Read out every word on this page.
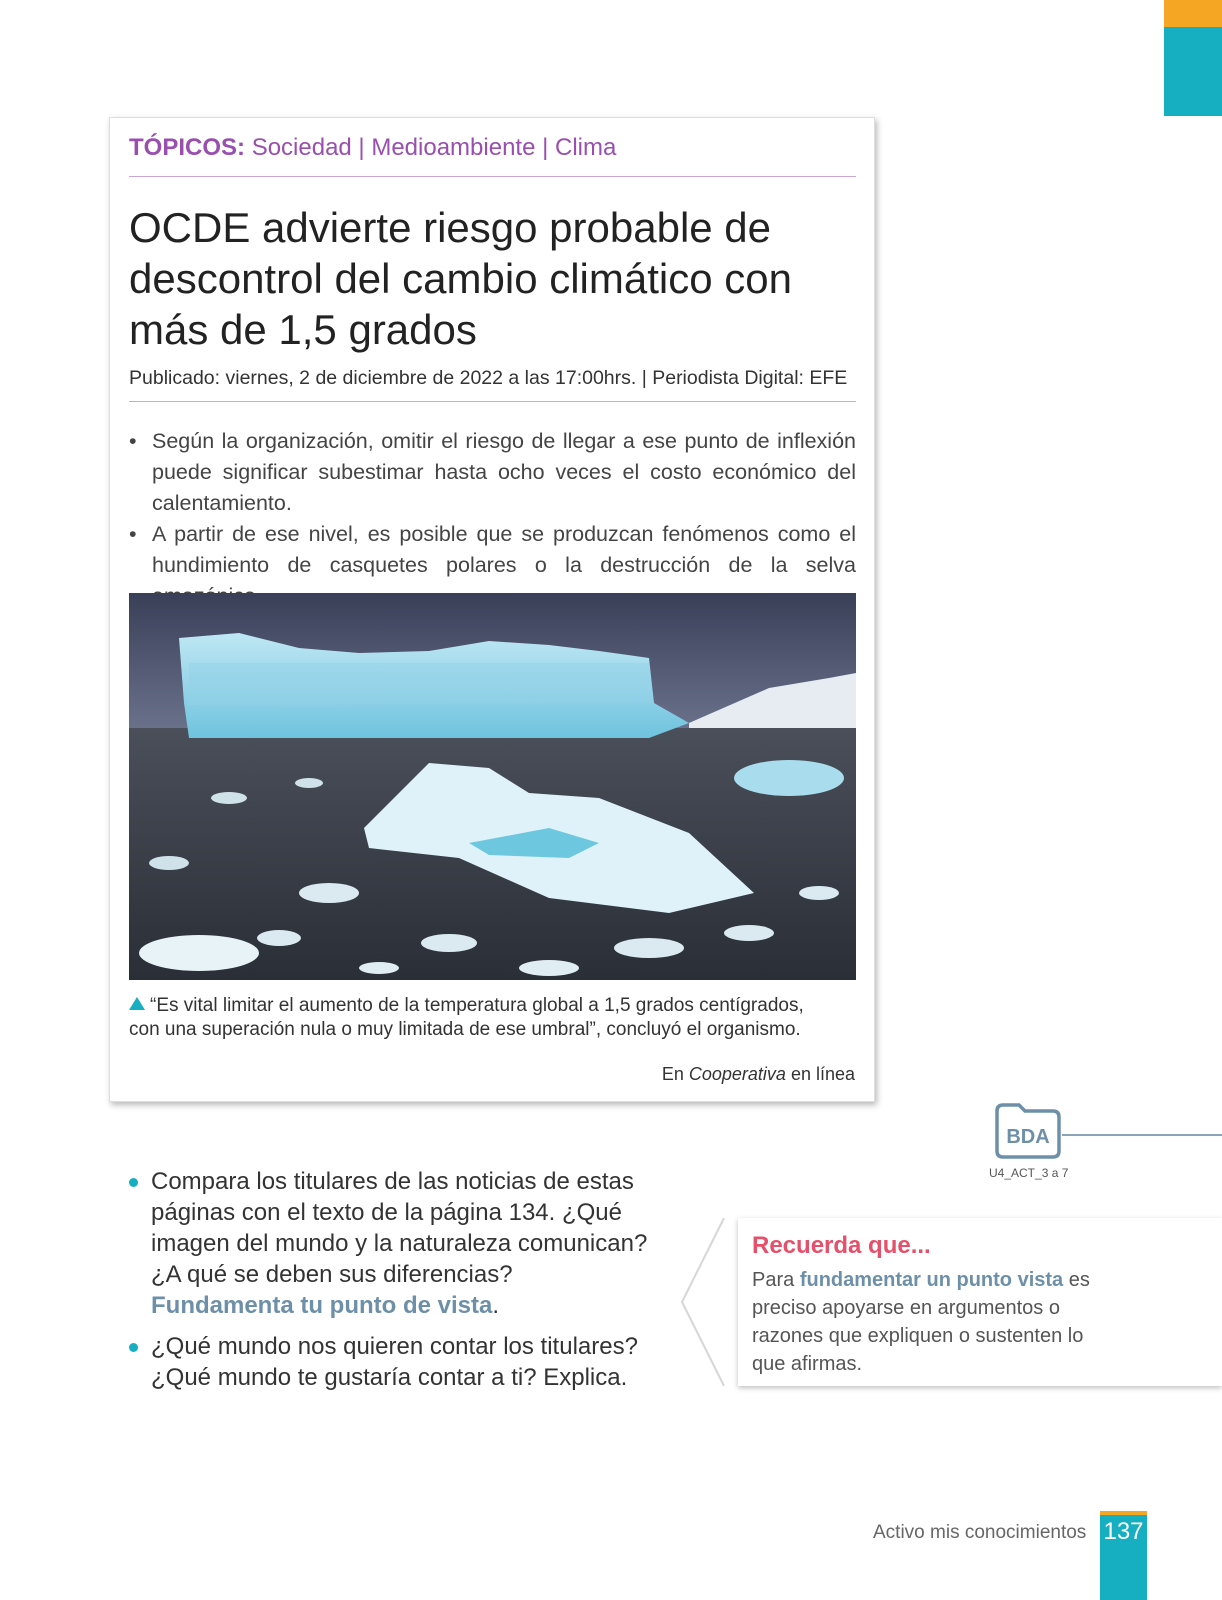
TÓPICOS: Sociedad | Medioambiente | Clima
OCDE advierte riesgo probable de descontrol del cambio climático con más de 1,5 grados
Publicado: viernes, 2 de diciembre de 2022 a las 17:00hrs. | Periodista Digital: EFE
• Según la organización, omitir el riesgo de llegar a ese punto de inflexión puede significar subestimar hasta ocho veces el costo económico del calentamiento.
• A partir de ese nivel, es posible que se produzcan fenómenos como el hundimiento de casquetes polares o la destrucción de la selva
“Es vital limitar el aumento de la temperatura global a 1,5 grados centígrados, con una superación nula o muy limitada de ese umbral”, concluyó el organismo.
En Cooperativa en línea
BDA
U4_ACT_3 a 7
Compara los titulares de las noticias de estas páginas con el texto de la página 134. ¿Qué imagen del mundo y la naturaleza comunican? ¿A qué se deben sus diferencias? Fundamenta tu punto de vista.
¿Qué mundo nos quieren contar los titulares? ¿Qué mundo te gustaría contar a ti? Explica.
Recuerda que...
Para fundamentar un punto vista es preciso apoyarse en argumentos o razones que expliquen o sustenten lo que afirmas.
Activo mis conocimientos 137
